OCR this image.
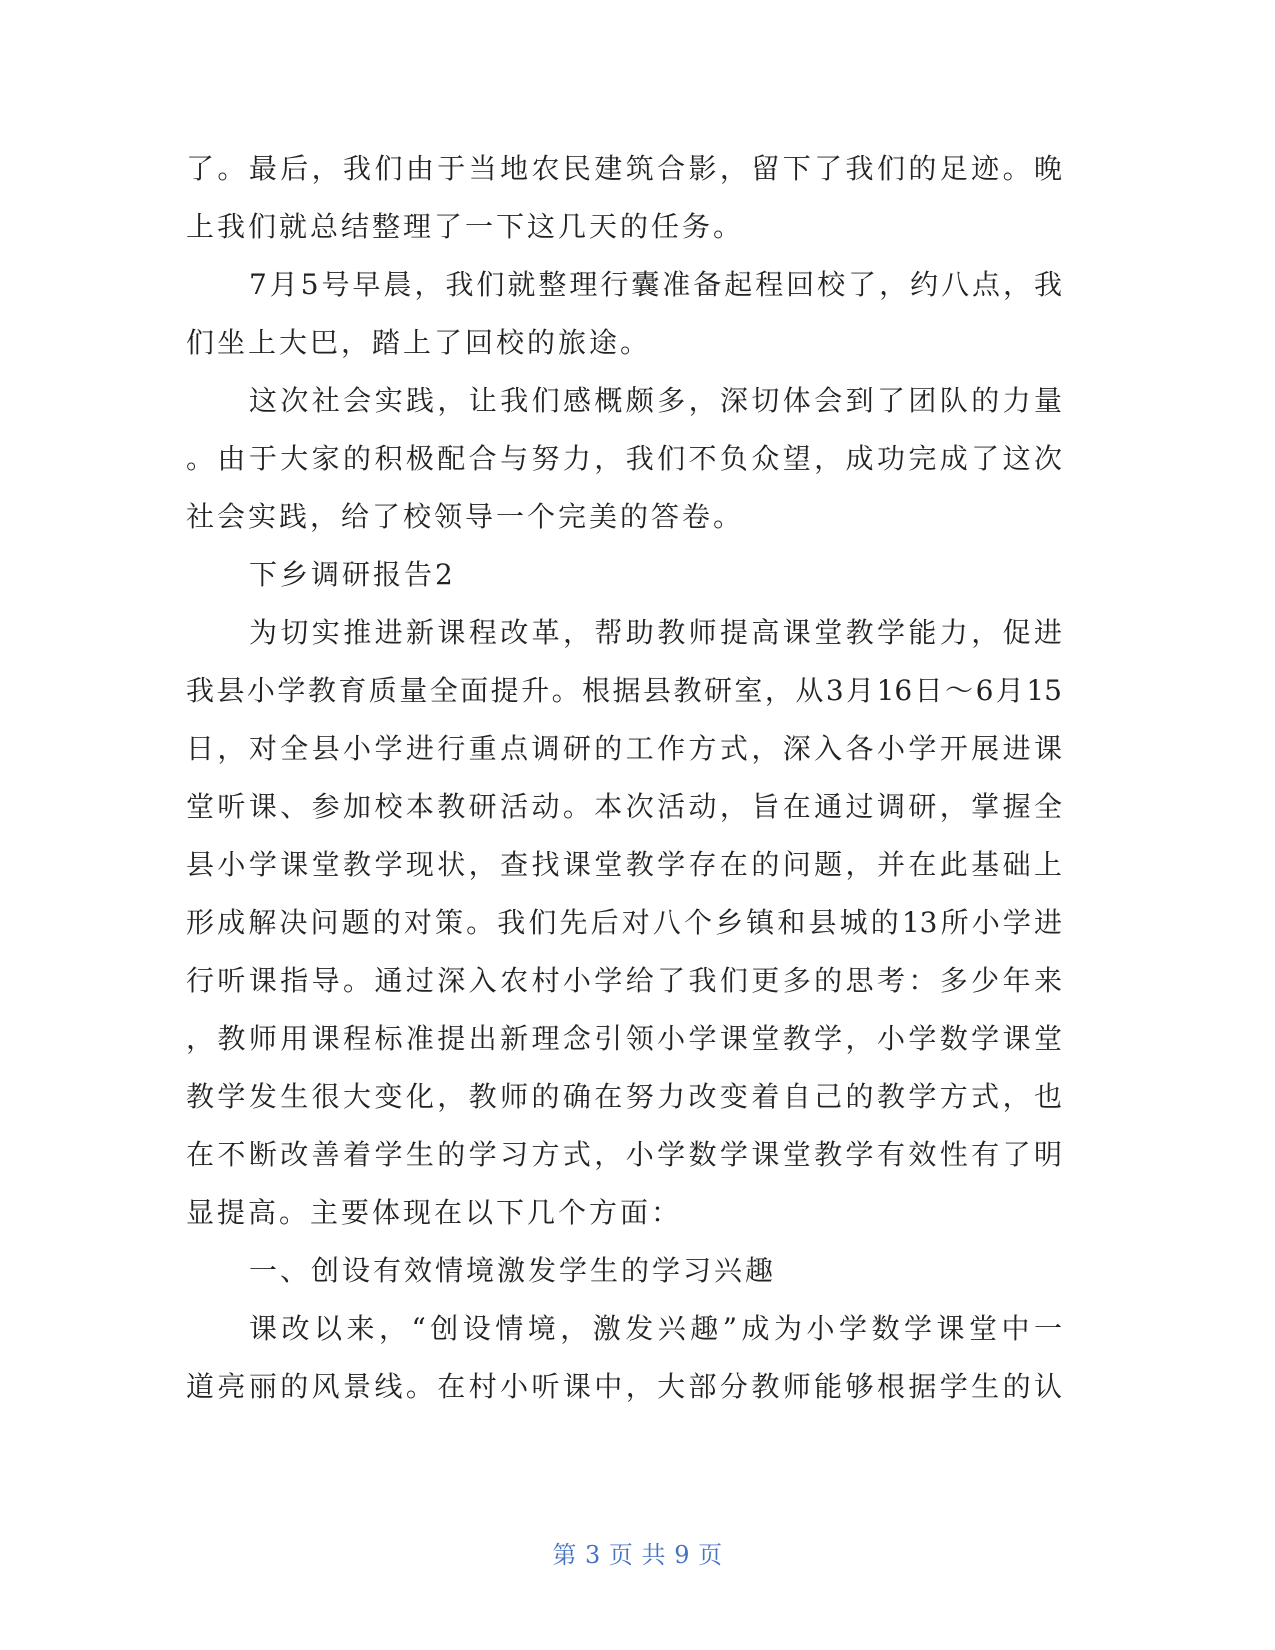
了。最后，我们由于当地农民建筑合影，留下了我们的足迹。晚
上我们就总结整理了一下这几天的任务。
7月5号早晨，我们就整理行囊准备起程回校了，约八点，我
们坐上大巴，踏上了回校的旅途。
这次社会实践，让我们感概颇多，深切体会到了团队的力量
。由于大家的积极配合与努力，我们不负众望，成功完成了这次
社会实践，给了校领导一个完美的答卷。
下乡调研报告2
为切实推进新课程改革，帮助教师提高课堂教学能力，促进
我县小学教育质量全面提升。根据县教研室，从3月16日～6月15
日，对全县小学进行重点调研的工作方式，深入各小学开展进课
堂听课、参加校本教研活动。本次活动，旨在通过调研，掌握全
县小学课堂教学现状，查找课堂教学存在的问题，并在此基础上
形成解决问题的对策。我们先后对八个乡镇和县城的13所小学进
行听课指导。通过深入农村小学给了我们更多的思考：多少年来
，教师用课程标准提出新理念引领小学课堂教学，小学数学课堂
教学发生很大变化，教师的确在努力改变着自己的教学方式，也
在不断改善着学生的学习方式，小学数学课堂教学有效性有了明
显提高。主要体现在以下几个方面：
一、创设有效情境激发学生的学习兴趣
课改以来，“创设情境，激发兴趣”成为小学数学课堂中一
道亮丽的风景线。在村小听课中，大部分教师能够根据学生的认
第 3 页 共 9 页
